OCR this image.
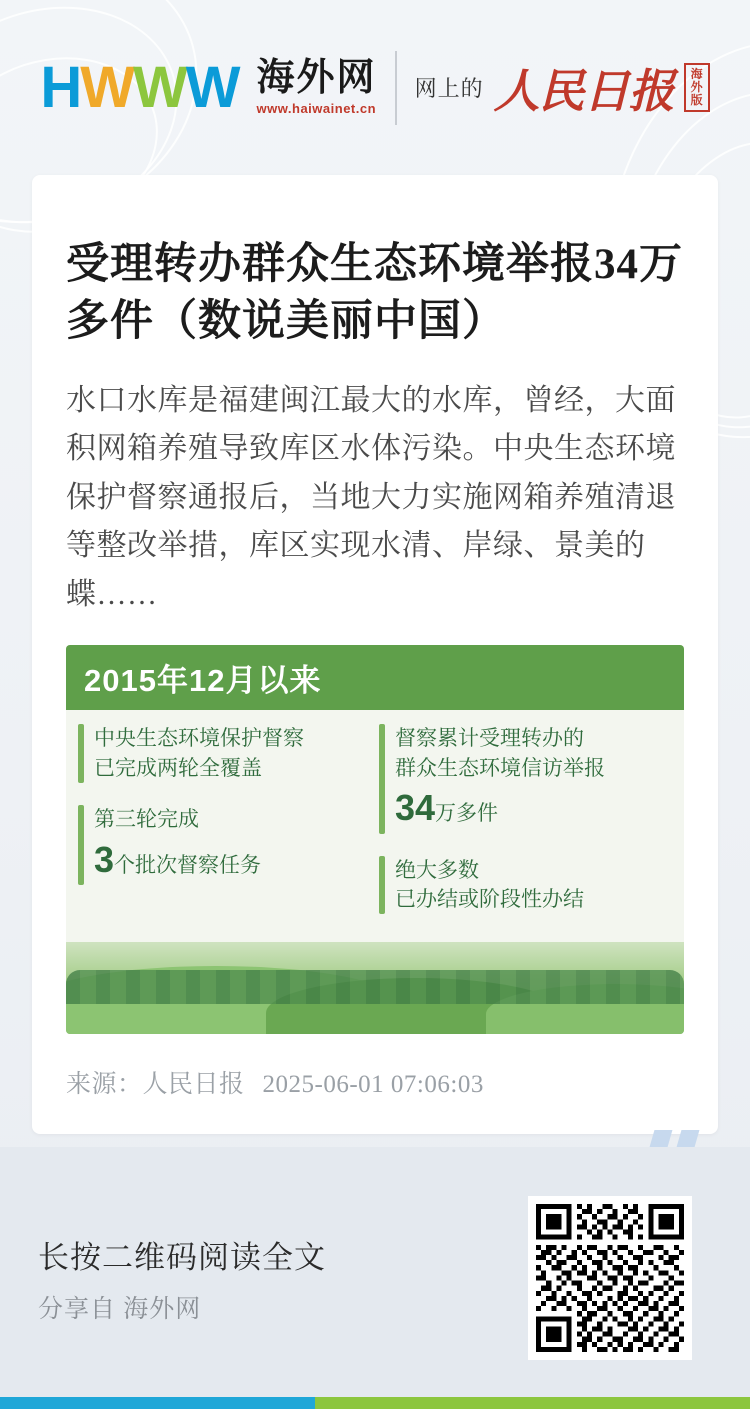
H W W W 海外网
www.haiwainet.cn
网上的 人民日报	海外版
受理转办群众生态环境举报34万多件（数说美丽中国）
水口水库是福建闽江最大的水库，曾经，大面积网箱养殖导致库区水体污染。中央生态环境保护督察通报后，当地大力实施网箱养殖清退等整改举措，库区实现水清、岸绿、景美的蝶……
2015年12月以来
中央生态环境保护督察
已完成两轮全覆盖
第三轮完成
3个批次督察任务
督察累计受理转办的
群众生态环境信访举报
34万多件
绝大多数
已办结或阶段性办结
来源：人民日报 2025-06-01 07:06:03
长按二维码阅读全文
分享自 海外网
